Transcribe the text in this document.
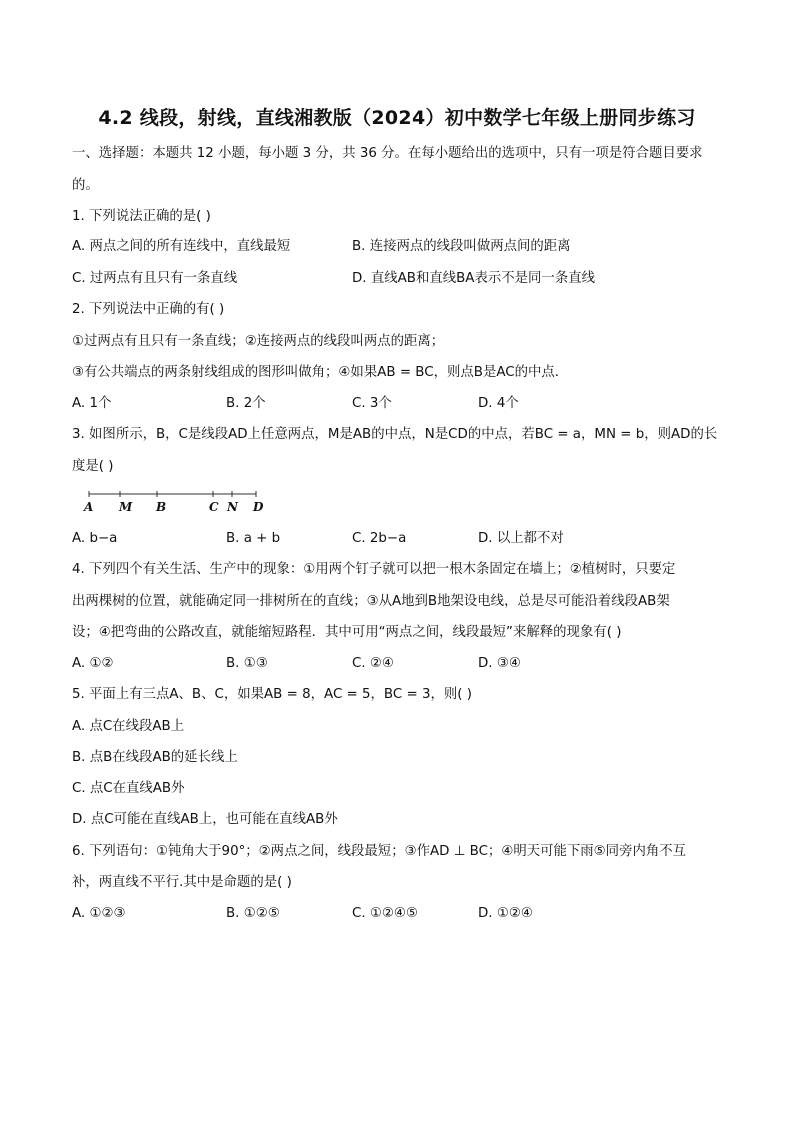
4.2 线段，射线，直线湘教版（2024）初中数学七年级上册同步练习
一、选择题：本题共 12 小题，每小题 3 分，共 36 分。在每小题给出的选项中，只有一项是符合题目要求
的。
1. 下列说法正确的是( )
A. 两点之间的所有连线中，直线最短	B. 连接两点的线段叫做两点间的距离
C. 过两点有且只有一条直线	D. 直线AB和直线BA表示不是同一条直线
2. 下列说法中正确的有( )
①过两点有且只有一条直线；②连接两点的线段叫两点的距离；
③有公共端点的两条射线组成的图形叫做角；④如果AB = BC，则点B是AC的中点．
A. 1个	B. 2个	C. 3个	D. 4个
3. 如图所示，B，C是线段AD上任意两点，M是AB的中点，N是CD的中点，若BC = a，MN = b，则AD的长
度是( )
A M B	C N D
A. b−a	B. a + b	C. 2b−a	D. 以上都不对
4. 下列四个有关生活、生产中的现象：①用两个钉子就可以把一根木条固定在墙上；②植树时，只要定
出两棵树的位置，就能确定同一排树所在的直线；③从A地到B地架设电线，总是尽可能沿着线段AB架
设；④把弯曲的公路改直，就能缩短路程．其中可用“两点之间，线段最短”来解释的现象有( )
A. ①②	B. ①③	C. ②④	D. ③④
5. 平面上有三点A、B、C，如果AB = 8，AC = 5，BC = 3，则( )
A. 点C在线段AB上
B. 点B在线段AB的延长线上
C. 点C在直线AB外
D. 点C可能在直线AB上，也可能在直线AB外
6. 下列语句：①钝角大于90°；②两点之间，线段最短；③作AD ⊥ BC；④明天可能下雨⑤同旁内角不互
补，两直线不平行.其中是命题的是( )
A. ①②③	B. ①②⑤	C. ①②④⑤	D. ①②④
